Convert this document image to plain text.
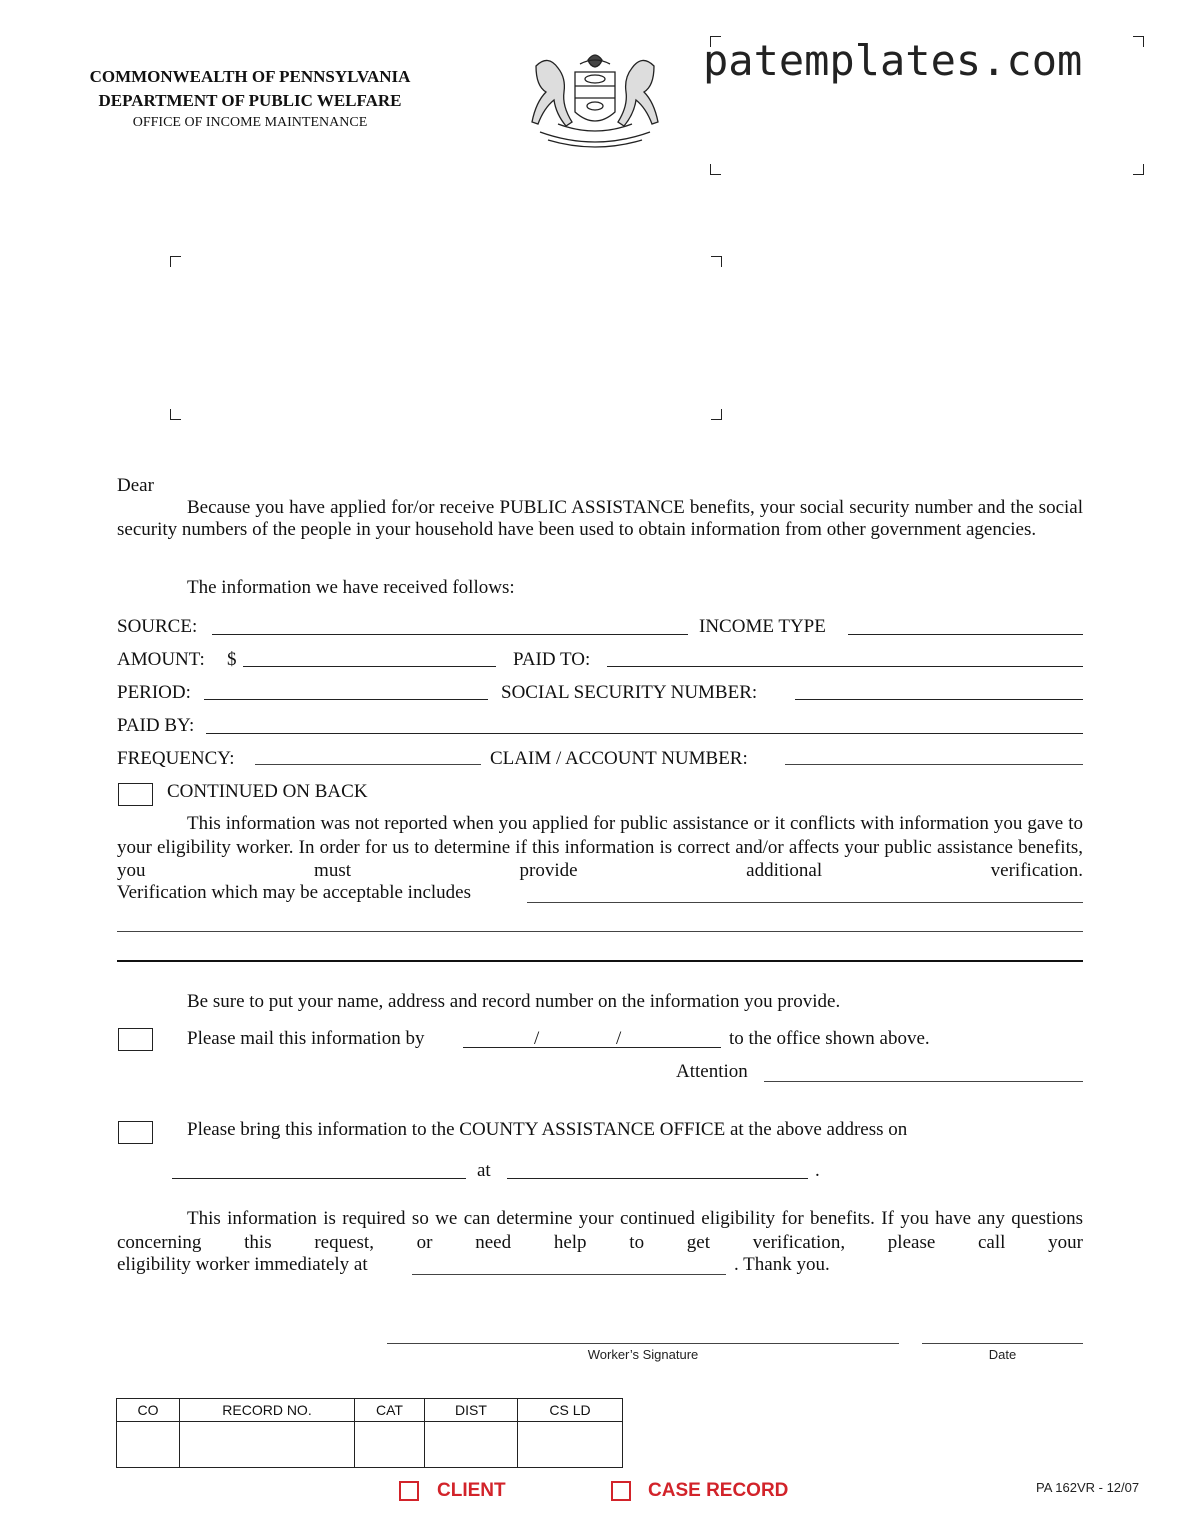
COMMONWEALTH OF PENNSYLVANIA
DEPARTMENT OF PUBLIC WELFARE
OFFICE OF INCOME MAINTENANCE
patemplates.com
Dear
Because you have applied for/or receive PUBLIC ASSISTANCE benefits, your social security number and the social security numbers of the people in your household have been used to obtain information from other government agencies.
The information we have received follows:
SOURCE:	INCOME TYPE
AMOUNT: $	PAID TO:
PERIOD:	SOCIAL SECURITY NUMBER:
PAID BY:
FREQUENCY:	CLAIM / ACCOUNT NUMBER:
CONTINUED ON BACK
This information was not reported when you applied for public assistance or it conflicts with information you gave to your eligibility worker. In order for us to determine if this information is correct and/or affects your public assistance benefits, you must provide additional verification.
Verification which may be acceptable includes
Be sure to put your name, address and record number on the information you provide.
Please mail this information by	/	/	to the office shown above.
Attention
Please bring this information to the COUNTY ASSISTANCE OFFICE at the above address on
at	.
This information is required so we can determine your continued eligibility for benefits. If you have any questions concerning this request, or need help to get verification, please call your
eligibility worker immediately at	. Thank you.
Worker’s Signature	Date
CO	RECORD NO.	CAT	DIST	CS LD

CLIENT	CASE RECORD	PA 162VR - 12/07
